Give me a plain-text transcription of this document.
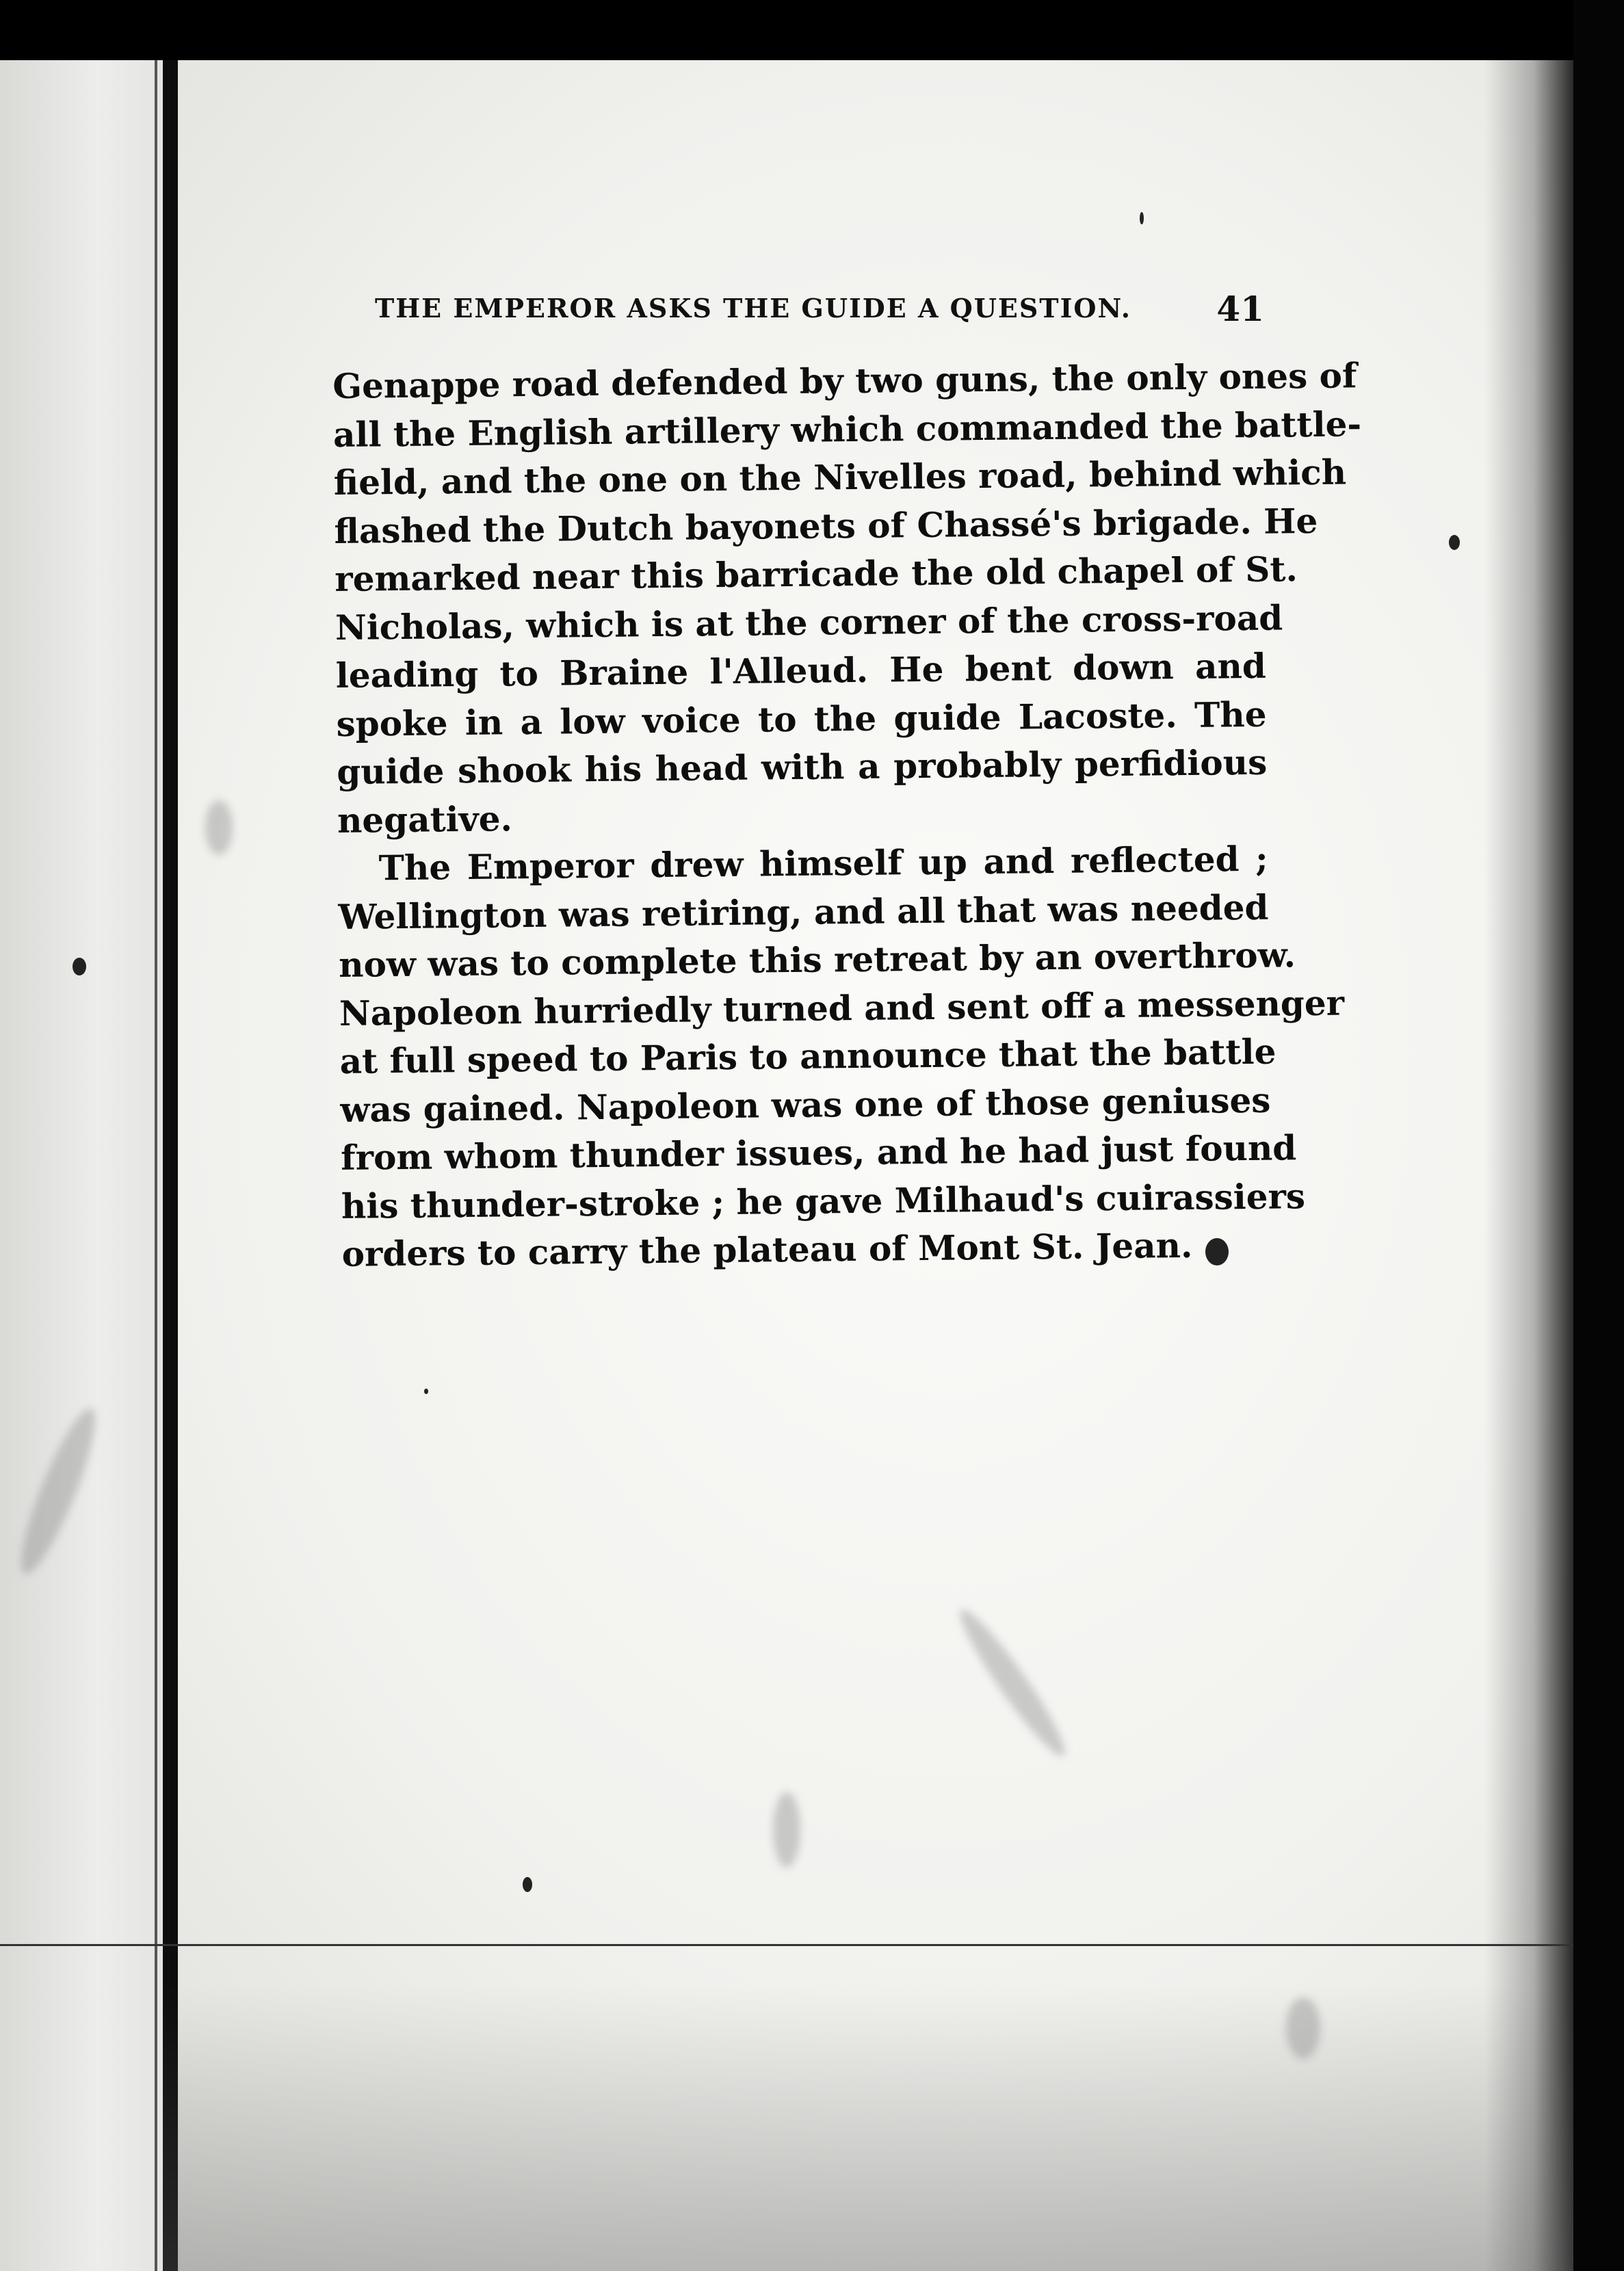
THE EMPEROR ASKS THE GUIDE A QUESTION. 41
Genappe road defended by two guns, the only ones of
all the English artillery which commanded the battle-
field, and the one on the Nivelles road, behind which
flashed the Dutch bayonets of Chassé's brigade. He
remarked near this barricade the old chapel of St.
Nicholas, which is at the corner of the cross-road
leading to Braine l'Alleud. He bent down and
spoke in a low voice to the guide Lacoste. The
guide shook his head with a probably perfidious
negative.
The Emperor drew himself up and reflected ;
Wellington was retiring, and all that was needed
now was to complete this retreat by an overthrow.
Napoleon hurriedly turned and sent off a messenger
at full speed to Paris to announce that the battle
was gained. Napoleon was one of those geniuses
from whom thunder issues, and he had just found
his thunder-stroke ; he gave Milhaud's cuirassiers
orders to carry the plateau of Mont St. Jean.
